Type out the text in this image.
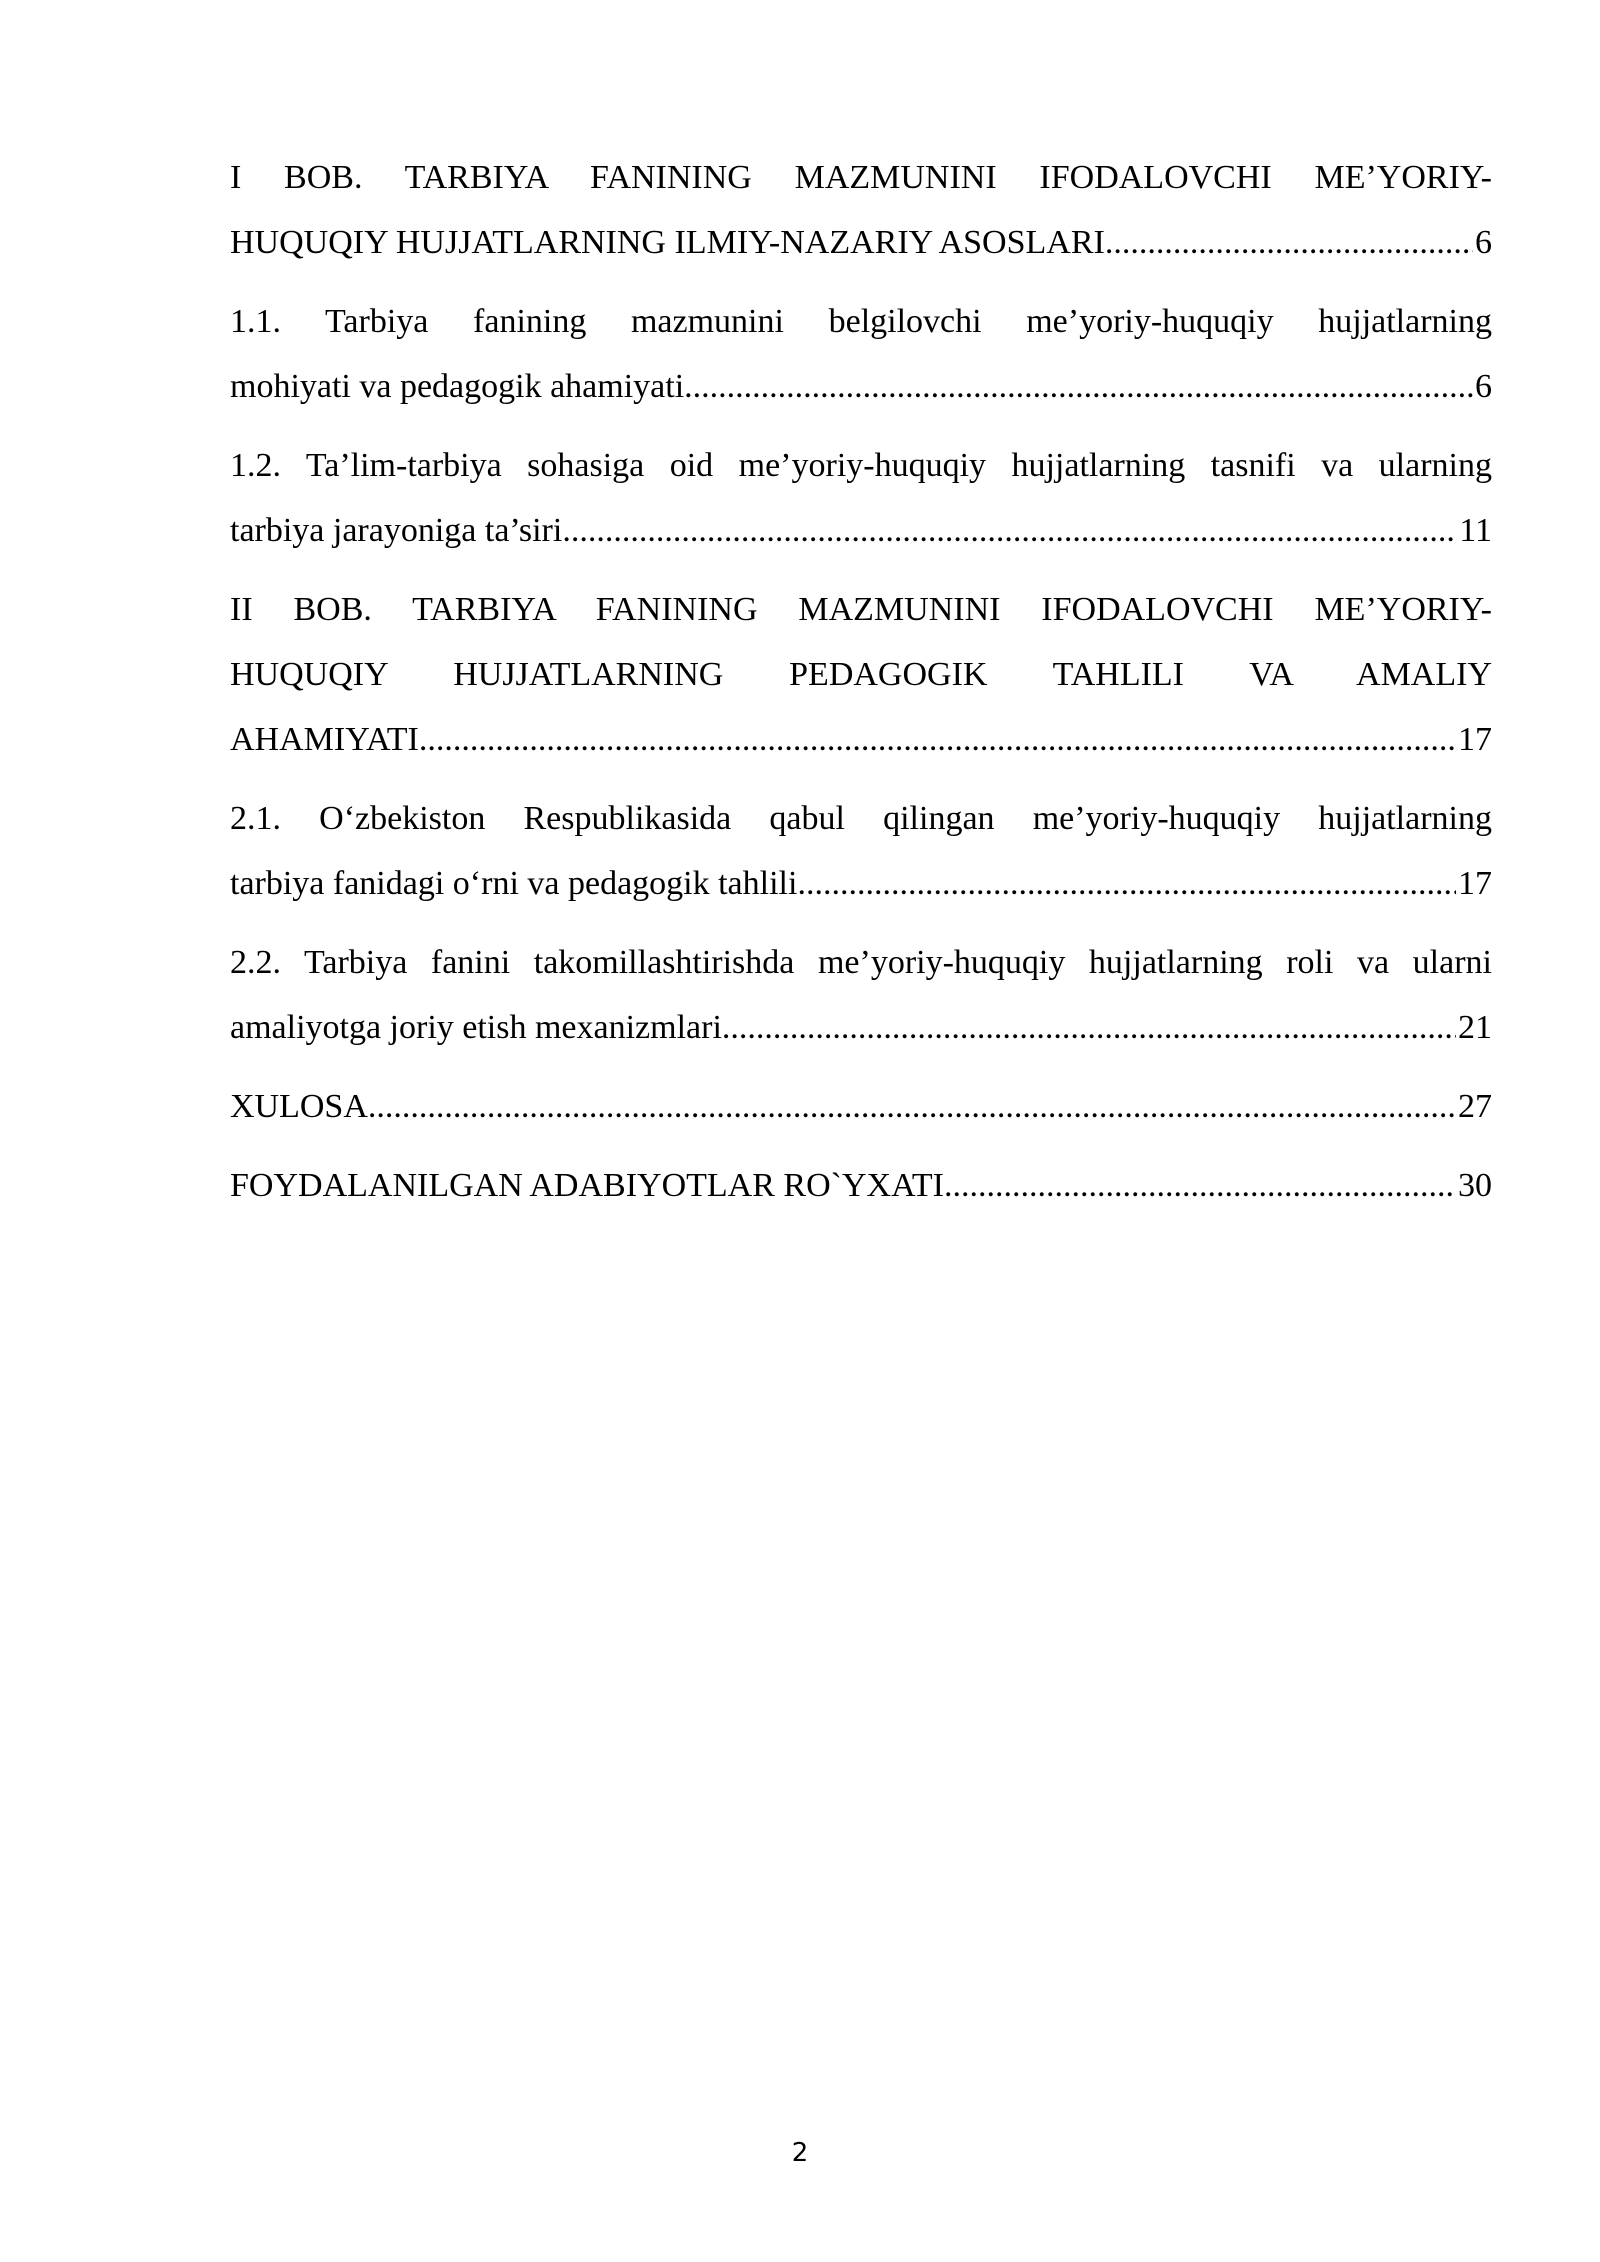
I BOB. TARBIYA FANINING MAZMUNINI IFODALOVCHI ME’YORIY-
HUQUQIY HUJJATLARNING ILMIY-NAZARIY ASOSLARI .....	6
1.1. Tarbiya fanining mazmunini belgilovchi me’yoriy-huquqiy hujjatlarning
mohiyati va pedagogik ahamiyati .....	6
1.2. Ta’lim-tarbiya sohasiga oid me’yoriy-huquqiy hujjatlarning tasnifi va ularning
tarbiya jarayoniga ta’siri .....	11
II BOB. TARBIYA FANINING MAZMUNINI IFODALOVCHI ME’YORIY-
HUQUQIY HUJJATLARNING PEDAGOGIK TAHLILI VA AMALIY
AHAMIYATI .....	17
2.1. O‘zbekiston Respublikasida qabul qilingan me’yoriy-huquqiy hujjatlarning
tarbiya fanidagi o‘rni va pedagogik tahlili .....	17
2.2. Tarbiya fanini takomillashtirishda me’yoriy-huquqiy hujjatlarning roli va ularni
amaliyotga joriy etish mexanizmlari .....	21
XULOSA .....	27
FOYDALANILGAN ADABIYOTLAR RO`YXATI .....	30
2
